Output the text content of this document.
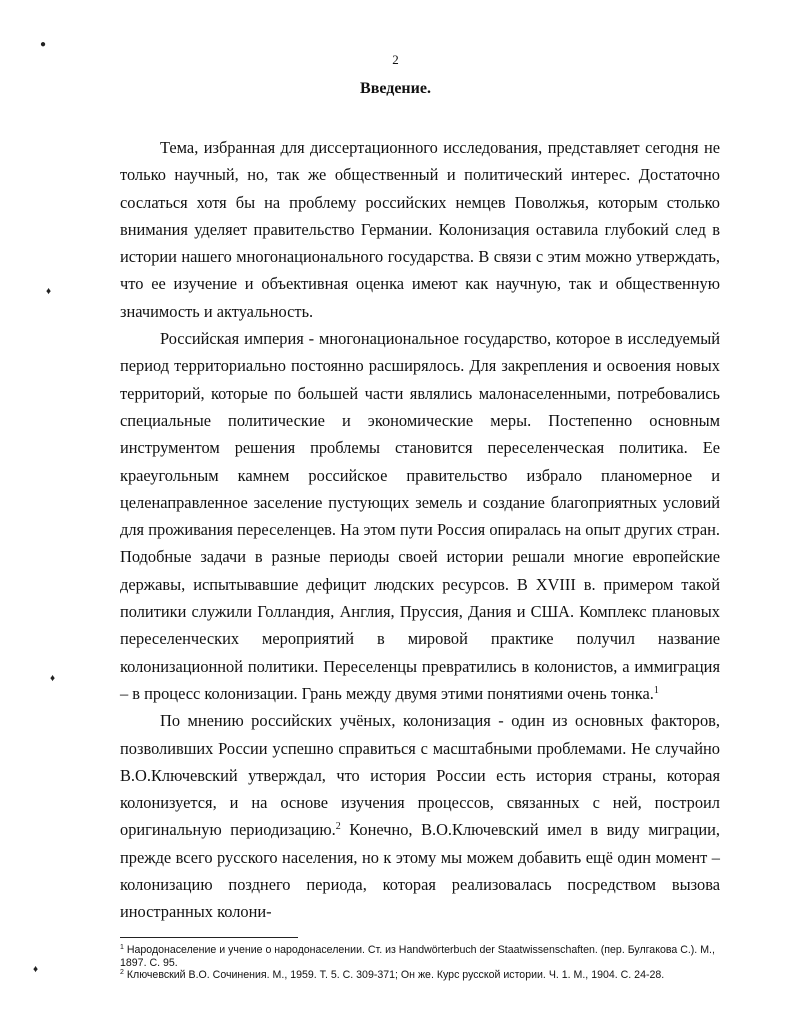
●
♦
♦
♦
2
Введение.

Тема, избранная для диссертационного исследования, представляет сегодня не только научный, но, так же общественный и политический интерес. Достаточно сослаться хотя бы на проблему российских немцев Поволжья, которым столько внимания уделяет правительство Германии. Колонизация оставила глубокий след в истории нашего многонационального государства. В связи с этим можно утверждать, что ее изучение и объективная оценка имеют как научную, так и общественную значимость и актуальность.

Российская империя - многонациональное государство, которое в исследуемый период территориально постоянно расширялось. Для закрепления и освоения новых территорий, которые по большей части являлись малонаселенными, потребовались специальные политические и экономические меры. Постепенно основным инструментом решения проблемы становится переселенческая политика. Ее краеугольным камнем российское правительство избрало планомерное и целенаправленное заселение пустующих земель и создание благоприятных условий для проживания переселенцев. На этом пути Россия опиралась на опыт других стран. Подобные задачи в разные периоды своей истории решали многие европейские державы, испытывавшие дефицит людских ресурсов. В XVIII в. примером такой политики служили Голландия, Англия, Пруссия, Дания и США. Комплекс плановых переселенческих мероприятий в мировой практике получил название колонизационной политики. Переселенцы превратились в колонистов, а иммиграция – в процесс колонизации. Грань между двумя этими понятиями очень тонка.$^1$

По мнению российских учёных, колонизация - один из основных факторов, позволивших России успешно справиться с масштабными проблемами. Не случайно В.О.Ключевский утверждал, что история России есть история страны, которая колонизуется, и на основе изучения процессов, связанных с ней, построил оригинальную периодизацию.$^2$ Конечно, В.О.Ключевский имел в виду миграции, прежде всего русского населения, но к этому мы можем добавить ещё один момент – колонизацию позднего периода, которая реализовалась посредством вызова иностранных колони-

$^1$ Народонаселение и учение о народонаселении. Ст. из Handwörterbuch der Staatwissenschaften. (пер. Булгакова С.). М., 1897. С. 95.

$^2$ Ключевский В.О. Сочинения. М., 1959. Т. 5. С. 309-371; Он же. Курс русской истории. Ч. 1. М., 1904. С. 24-28.
